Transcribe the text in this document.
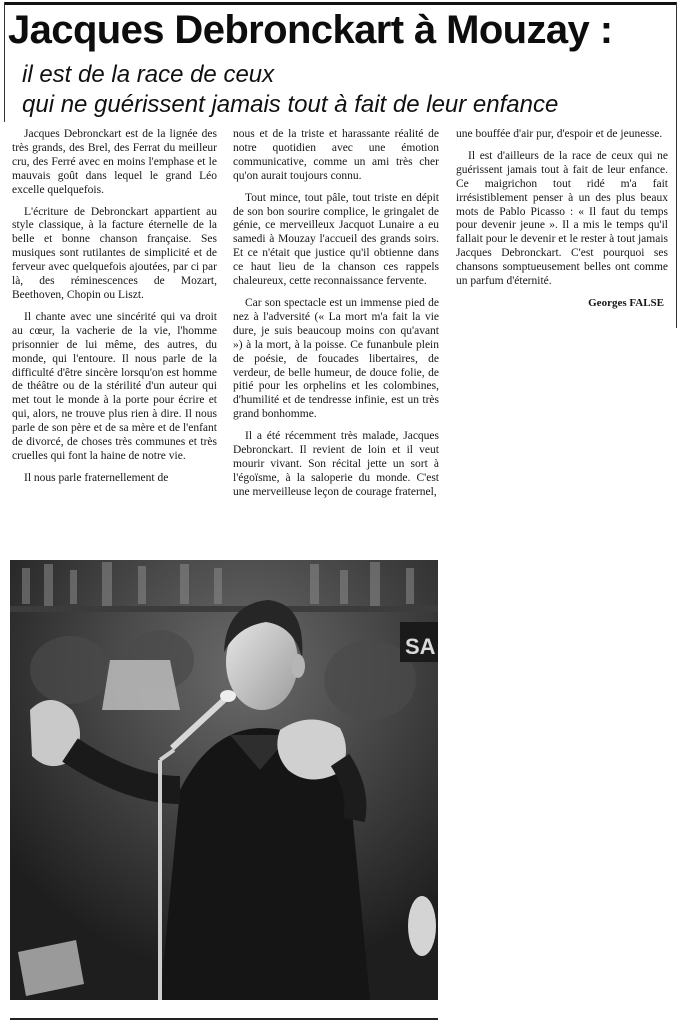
Jacques Debronckart à Mouzay :
il est de la race de ceux
qui ne guérissent jamais tout à fait de leur enfance

Jacques Debronckart est de la lignée des très grands, des Brel, des Ferrat du meilleur cru, des Ferré avec en moins l'emphase et le mauvais goût dans lequel le grand Léo excelle quelquefois.

L'écriture de Debronckart appartient au style classique, à la facture éternelle de la belle et bonne chanson française. Ses musiques sont rutilantes de simplicité et de ferveur avec quelquefois ajoutées, par ci par là, des réminescences de Mozart, Beethoven, Chopin ou Liszt.

Il chante avec une sincérité qui va droit au cœur, la vacherie de la vie, l'homme prisonnier de lui même, des autres, du monde, qui l'entoure. Il nous parle de la difficulté d'être sincère lorsqu'on est homme de théâtre ou de la stérilité d'un auteur qui met tout le monde à la porte pour écrire et qui, alors, ne trouve plus rien à dire. Il nous parle de son père et de sa mère et de l'enfant de divorcé, de choses très communes et très cruelles qui font la haine de notre vie.

Il nous parle fraternellement de

nous et de la triste et harassante réalité de notre quotidien avec une émotion communicative, comme un ami très cher qu'on aurait toujours connu.

Tout mince, tout pâle, tout triste en dépit de son bon sourire complice, le gringalet de génie, ce merveilleux Jacquot Lunaire a eu samedi à Mouzay l'accueil des grands soirs. Et ce n'était que justice qu'il obtienne dans ce haut lieu de la chanson ces rappels chaleureux, cette reconnaissance fervente.

Car son spectacle est un immense pied de nez à l'adversité (« La mort m'a fait la vie dure, je suis beaucoup moins con qu'avant ») à la mort, à la poisse. Ce funanbule plein de poésie, de foucades libertaires, de verdeur, de belle humeur, de douce folie, de pitié pour les orphelins et les colombines, d'humilité et de tendresse infinie, est un très grand bonhomme.

Il a été récemment très malade, Jacques Debronckart. Il revient de loin et il veut mourir vivant. Son récital jette un sort à l'égoïsme, à la saloperie du monde. C'est une merveilleuse leçon de courage fraternel,

une bouffée d'air pur, d'espoir et de jeunesse.

Il est d'ailleurs de la race de ceux qui ne guérissent jamais tout à fait de leur enfance. Ce maigrichon tout ridé m'a fait irrésistiblement penser à un des plus beaux mots de Pablo Picasso : « Il faut du temps pour devenir jeune ». Il a mis le temps qu'il fallait pour le devenir et le rester à tout jamais Jacques Debronckart. C'est pourquoi ses chansons somptueusement belles ont comme un parfum d'éternité.

Georges FALSE

SA
